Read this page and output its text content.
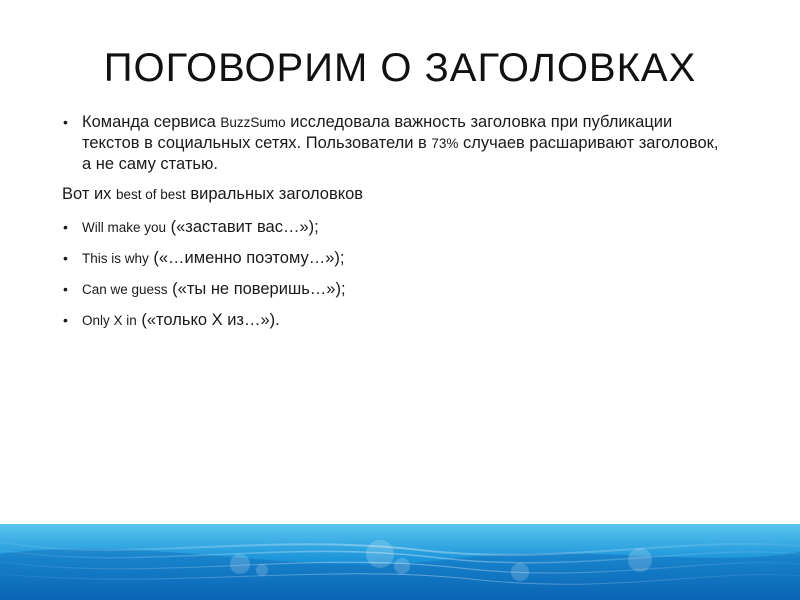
ПОГОВОРИМ О ЗАГОЛОВКАХ
• Команда сервиса BuzzSumo исследовала важность заголовка при публикации текстов в социальных сетях. Пользователи в 73% случаев расшаривают заголовок, а не саму статью.
Вот их best of best виральных заголовков
• Will make you («заставит вас…»);
• This is why («…именно поэтому…»);
• Can we guess («ты не поверишь…»);
• Only X in («только Х из…»).
